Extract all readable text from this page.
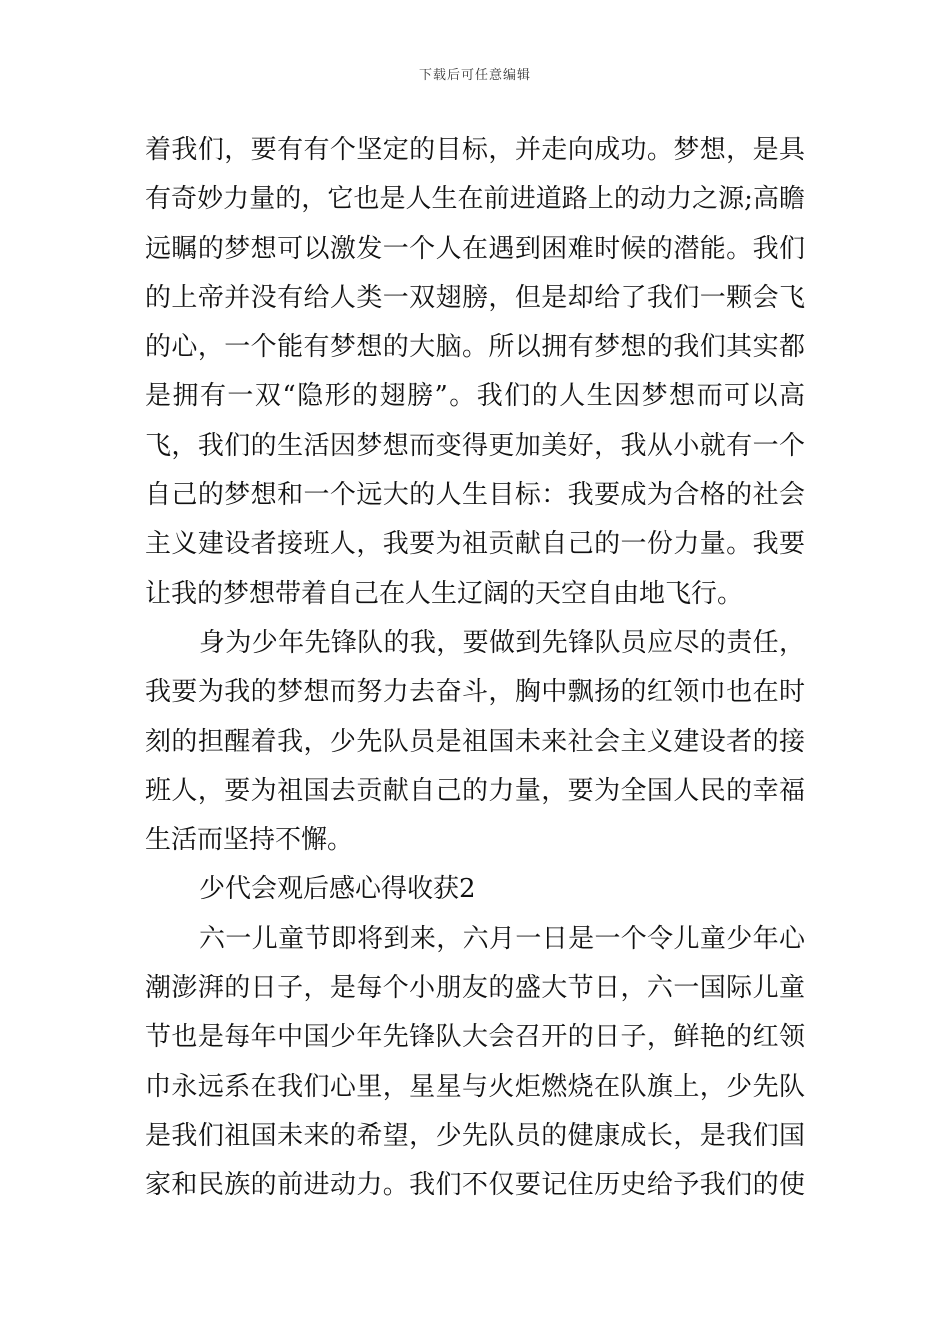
下载后可任意编辑
着我们，要有有个坚定的目标，并走向成功。梦想，是具
有奇妙力量的，它也是人生在前进道路上的动力之源;高瞻
远瞩的梦想可以激发一个人在遇到困难时候的潜能。我们
的上帝并没有给人类一双翅膀，但是却给了我们一颗会飞
的心，一个能有梦想的大脑。所以拥有梦想的我们其实都
是拥有一双“隐形的翅膀”。我们的人生因梦想而可以高
飞，我们的生活因梦想而变得更加美好，我从小就有一个
自己的梦想和一个远大的人生目标：我要成为合格的社会
主义建设者接班人，我要为祖贡献自己的一份力量。我要
让我的梦想带着自己在人生辽阔的天空自由地飞行。
身为少年先锋队的我，要做到先锋队员应尽的责任，
我要为我的梦想而努力去奋斗，胸中飘扬的红领巾也在时
刻的担醒着我，少先队员是祖国未来社会主义建设者的接
班人，要为祖国去贡献自己的力量，要为全国人民的幸福
生活而坚持不懈。
少代会观后感心得收获2
六一儿童节即将到来，六月一日是一个令儿童少年心
潮澎湃的日子，是每个小朋友的盛大节日，六一国际儿童
节也是每年中国少年先锋队大会召开的日子，鲜艳的红领
巾永远系在我们心里，星星与火炬燃烧在队旗上，少先队
是我们祖国未来的希望，少先队员的健康成长，是我们国
家和民族的前进动力。我们不仅要记住历史给予我们的使
